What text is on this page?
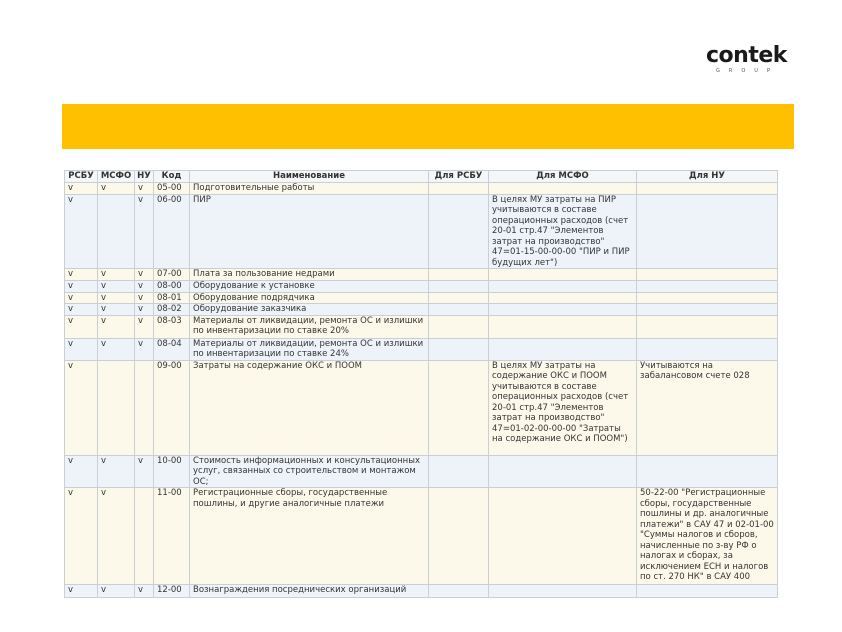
contek
GROUP
РСБУ	МСФО	НУ	Код	Наименование	Для РСБУ	Для МСФО	Для НУ
v	v	v	05-00	Подготовительные работы			
v		v	06-00	ПИР		В целях МУ затраты на ПИР учитываются в составе операционных расходов (счет 20-01 стр.47 "Элементов затрат на производство" 47=01-15-00-00-00 "ПИР и ПИР будущих лет")	
v	v	v	07-00	Плата за пользование недрами			
v	v	v	08-00	Оборудование к установке			
v	v	v	08-01	Оборудование подрядчика			
v	v	v	08-02	Оборудование заказчика			
v	v	v	08-03	Материалы от ликвидации, ремонта ОС и излишки по инвентаризации по ставке 20%			
v	v	v	08-04	Материалы от ликвидации, ремонта ОС и излишки по инвентаризации по ставке 24%			
v			09-00	Затраты на содержание ОКС и ПООМ		В целях МУ затраты на содержание ОКС и ПООМ учитываются в составе операционных расходов (счет 20-01 стр.47 "Элементов затрат на производство" 47=01-02-00-00-00 "Затраты на содержание ОКС и ПООМ")	Учитываются на забалансовом счете 028
v	v	v	10-00	Стоимость информационных и консультационных услуг, связанных со строительством и монтажом ОС;			
v	v		11-00	Регистрационные сборы, государственные пошлины, и другие аналогичные платежи			50-22-00 "Регистрационные сборы, государственные пошлины и др. аналогичные платежи" в САУ 47 и 02-01-00 "Суммы налогов и сборов, начисленные по з-ву РФ о налогах и сборах, за исключением ЕСН и налогов по ст. 270 НК" в САУ 400
v	v	v	12-00	Вознаграждения посреднических организаций			
